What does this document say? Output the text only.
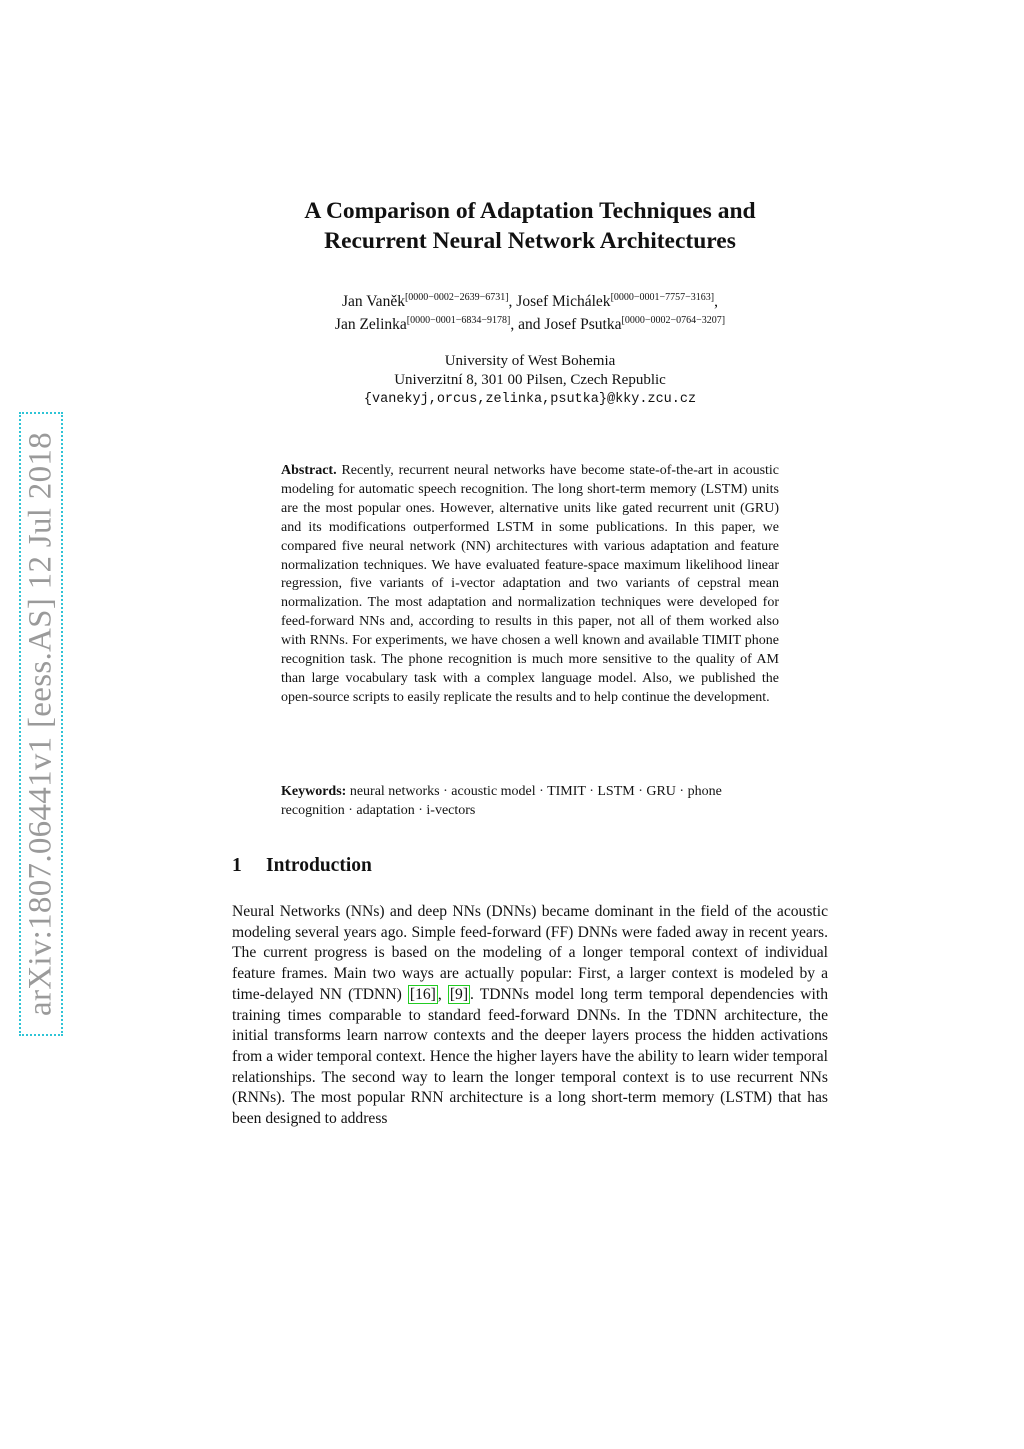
arXiv:1807.06441v1 [eess.AS] 12 Jul 2018
A Comparison of Adaptation Techniques and
Recurrent Neural Network Architectures
Jan Vaněk[0000−0002−2639−6731], Josef Michálek[0000−0001−7757−3163],
Jan Zelinka[0000−0001−6834−9178], and Josef Psutka[0000−0002−0764−3207]
University of West Bohemia
Univerzitní 8, 301 00 Pilsen, Czech Republic
{vanekyj,orcus,zelinka,psutka}@kky.zcu.cz
Abstract. Recently, recurrent neural networks have become state-of-the-art in acoustic modeling for automatic speech recognition. The long short-term memory (LSTM) units are the most popular ones. However, alternative units like gated recurrent unit (GRU) and its modifications outperformed LSTM in some publications. In this paper, we compared five neural network (NN) architectures with various adaptation and feature normalization techniques. We have evaluated feature-space maximum likelihood linear regression, five variants of i-vector adaptation and two variants of cepstral mean normalization. The most adaptation and normalization techniques were developed for feed-forward NNs and, according to results in this paper, not all of them worked also with RNNs. For experiments, we have chosen a well known and available TIMIT phone recognition task. The phone recognition is much more sensitive to the quality of AM than large vocabulary task with a complex language model. Also, we published the open-source scripts to easily replicate the results and to help continue the development.
Keywords: neural networks · acoustic model · TIMIT · LSTM · GRU · phone recognition · adaptation · i-vectors
1 Introduction
Neural Networks (NNs) and deep NNs (DNNs) became dominant in the field of the acoustic modeling several years ago. Simple feed-forward (FF) DNNs were faded away in recent years. The current progress is based on the modeling of a longer temporal context of individual feature frames. Main two ways are actually popular: First, a larger context is modeled by a time-delayed NN (TDNN) [16] , [9] . TDNNs model long term temporal dependencies with training times comparable to standard feed-forward DNNs. In the TDNN architecture, the initial transforms learn narrow contexts and the deeper layers process the hidden activations from a wider temporal context. Hence the higher layers have the ability to learn wider temporal relationships. The second way to learn the longer temporal context is to use recurrent NNs (RNNs). The most popular RNN architecture is a long short-term memory (LSTM) that has been designed to address
